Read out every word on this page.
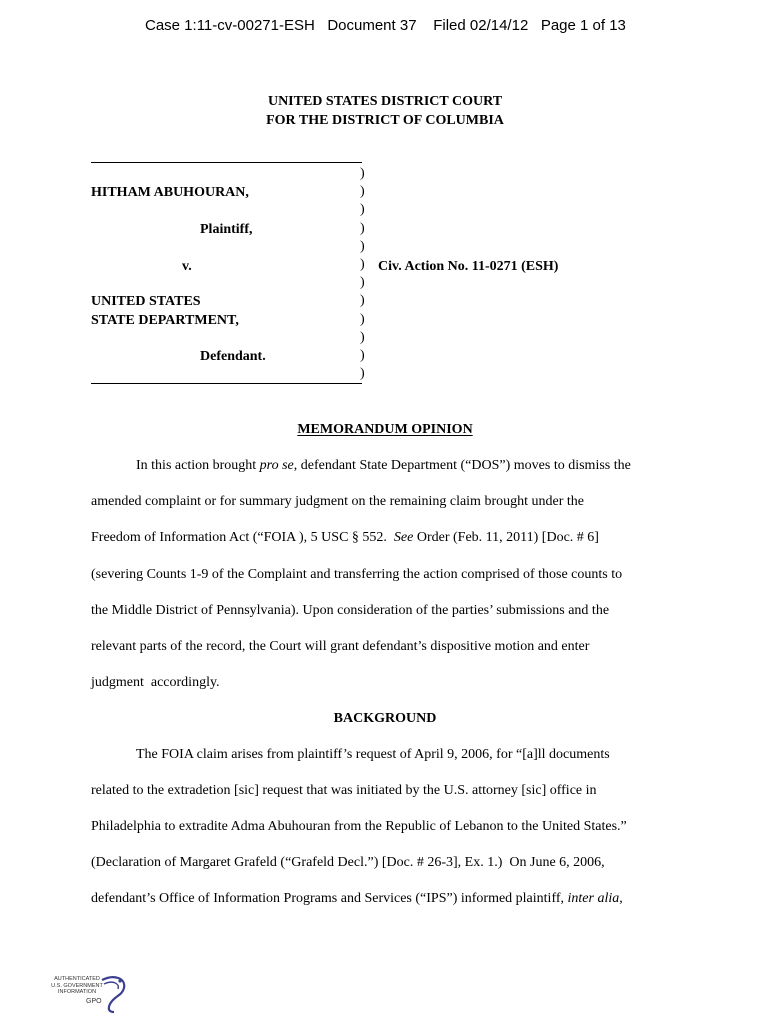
Case 1:11-cv-00271-ESH Document 37 Filed 02/14/12 Page 1 of 13
UNITED STATES DISTRICT COURT
FOR THE DISTRICT OF COLUMBIA
)
)
)
)
)
)
)
)
)
)
)
)
HITHAM ABUHOURAN,
Plaintiff,
v.	Civ. Action No. 11-0271 (ESH)
UNITED STATES
STATE DEPARTMENT,
Defendant.
MEMORANDUM OPINION
In this action brought pro se, defendant State Department (“DOS”) moves to dismiss the
amended complaint or for summary judgment on the remaining claim brought under the
Freedom of Information Act (“FOIA ), 5 USC § 552.  See Order (Feb. 11, 2011) [Doc. # 6]
(severing Counts 1-9 of the Complaint and transferring the action comprised of those counts to
the Middle District of Pennsylvania). Upon consideration of the parties’ submissions and the
relevant parts of the record, the Court will grant defendant’s dispositive motion and enter
judgment  accordingly.
BACKGROUND
The FOIA claim arises from plaintiff’s request of April 9, 2006, for “[a]ll documents
related to the extradetion [sic] request that was initiated by the U.S. attorney [sic] office in
Philadelphia to extradite Adma Abuhouran from the Republic of Lebanon to the United States.”
(Declaration of Margaret Grafeld (“Grafeld Decl.”) [Doc. # 26-3], Ex. 1.)  On June 6, 2006,
defendant’s Office of Information Programs and Services (“IPS”) informed plaintiff, inter alia,
AUTHENTICATED
U.S. GOVERNMENT
INFORMATION
GPO
